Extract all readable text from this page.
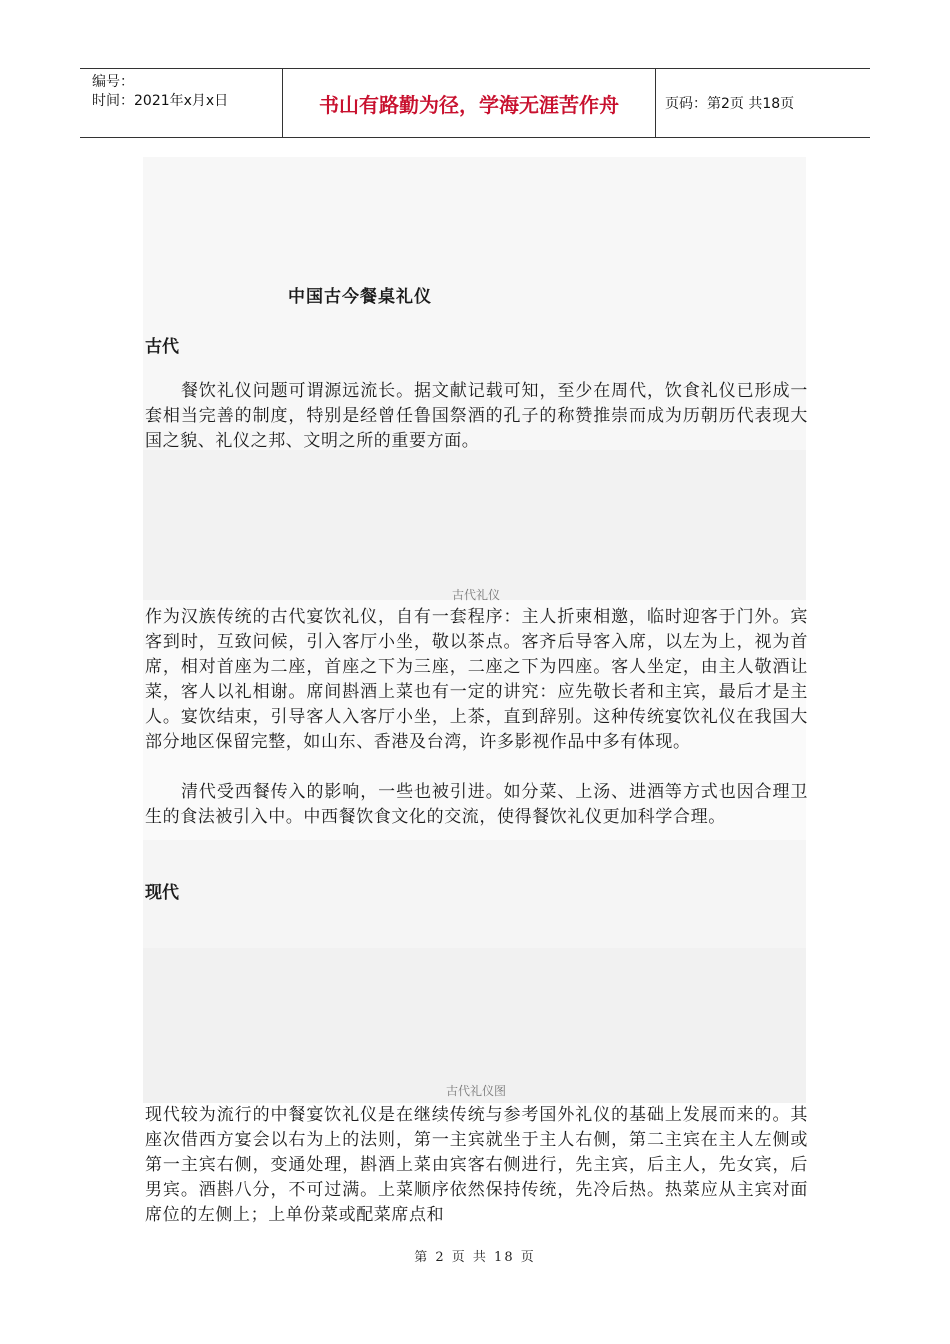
编号：
时间：2021年x月x日	书山有路勤为径，学海无涯苦作舟	页码：第2页 共18页
中国古今餐桌礼仪
古代

餐饮礼仪问题可谓源远流长。据文献记载可知，至少在周代，饮食礼仪已形成一套相当完善的制度，特别是经曾任鲁国祭酒的孔子的称赞推崇而成为历朝历代表现大国之貌、礼仪之邦、文明之所的重要方面。

古代礼仪

作为汉族传统的古代宴饮礼仪，自有一套程序：主人折柬相邀，临时迎客于门外。宾客到时，互致问候，引入客厅小坐，敬以茶点。客齐后导客入席，以左为上，视为首席，相对首座为二座，首座之下为三座，二座之下为四座。客人坐定，由主人敬酒让菜，客人以礼相谢。席间斟酒上菜也有一定的讲究：应先敬长者和主宾，最后才是主人。宴饮结束，引导客人入客厅小坐，上茶，直到辞别。这种传统宴饮礼仪在我国大部分地区保留完整，如山东、香港及台湾，许多影视作品中多有体现。

清代受西餐传入的影响，一些也被引进。如分菜、上汤、进酒等方式也因合理卫生的食法被引入中。中西餐饮食文化的交流，使得餐饮礼仪更加科学合理。

现代
古代礼仪图

现代较为流行的中餐宴饮礼仪是在继续传统与参考国外礼仪的基础上发展而来的。其座次借西方宴会以右为上的法则，第一主宾就坐于主人右侧，第二主宾在主人左侧或第一主宾右侧，变通处理，斟酒上菜由宾客右侧进行，先主宾，后主人，先女宾，后男宾。酒斟八分，不可过满。上菜顺序依然保持传统，先冷后热。热菜应从主宾对面席位的左侧上；上单份菜或配菜席点和

第 2 页 共 18 页
